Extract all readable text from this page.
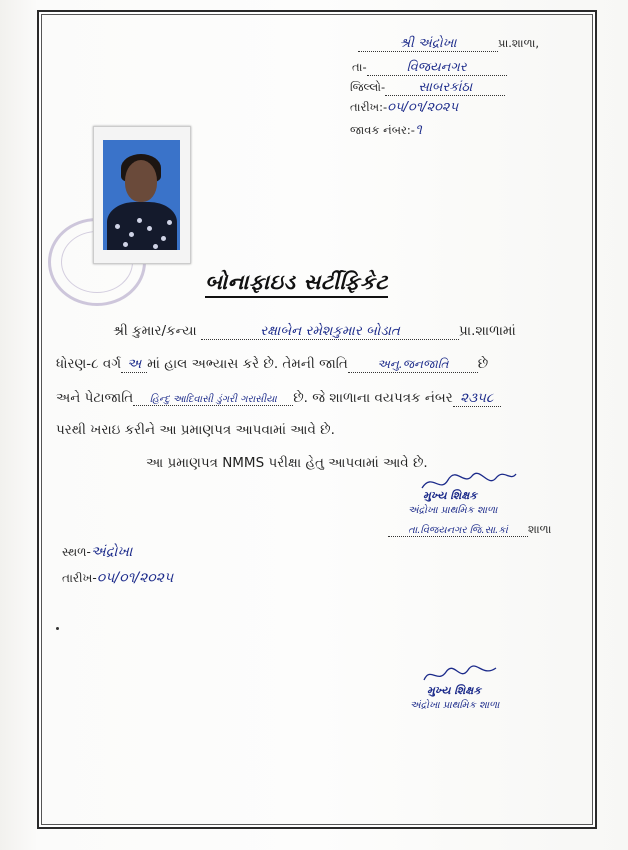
શ્રી અંદ્રોખા	પ્રા.શાળા,
તા-	વિજયનગર
જિલ્લો-	સાબરકાંઠા
તારીખ:-૦૫/૦૧/૨૦૨૫
જાવક નંબર:-૧
બોનાફાઇડ સર્ટીફિકેટ
શ્રી કુમાર/કન્યા	રક્ષાબેન રમેશકુમાર બોડાત	પ્રા.શાળામાં
ધોરણ-૮ વર્ગ અ માં હાલ અભ્યાસ કરે છે. તેમની જાતિ અનુ.જનજાતિ છે
અને પેટાજાતિ હિન્દુ આદિવાસી ડુંગરી ગરાસીયા છે. જે શાળાના વયપત્રક નંબર ૨૩૫૮
પરથી ખરાઇ કરીને આ પ્રમાણપત્ર આપવામાં આવે છે.
આ પ્રમાણપત્ર NMMS પરીક્ષા હેતુ આપવામાં આવે છે.
મુખ્ય શિક્ષક
અંદ્રોખા પ્રાથમિક શાળા
તા.વિજયનગર જિ.સા.કાં શાળા
સ્થળ-અંદ્રોખા
તારીખ-૦૫/૦૧/૨૦૨૫
મુખ્ય શિક્ષક
અંદ્રોખા પ્રાથમિક શાળા
